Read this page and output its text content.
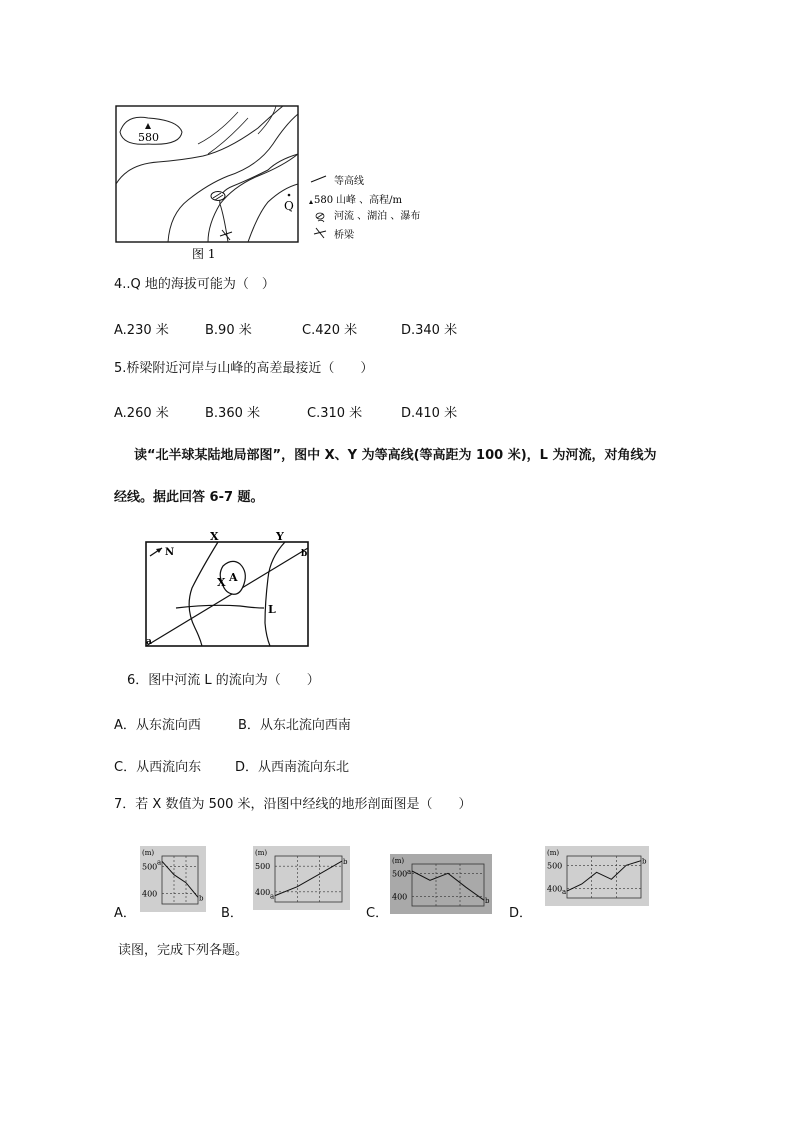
580
Q
图 1
等高线
580 山峰 、高程/m
河流 、湖泊 、瀑布
桥梁
4..Q 地的海拔可能为（　）
A.230 米	B.90 米	C.420 米	D.340 米
5.桥梁附近河岸与山峰的高差最接近（　　）
A.260 米	B.360 米	C.310 米	D.410 米
读“北半球某陆地局部图”，图中 X、Y 为等高线(等高距为 100 米)，L 为河流，对角线为
经线。据此回答 6-7 题。
N
X	Y
X A
L
a
b
6．图中河流 L 的流向为（　　）
A．从东流向西	B．从东北流向西南
C．从西流向东	D．从西南流向东北
7．若 X 数值为 500 米，沿图中经线的地形剖面图是（　　）
A．	B．	C．	D．
500
400
(m)
a
b
500
400
(m)
a
b
500
400
(m)
a
b
500
400
(m)
a
b
读图，完成下列各题。
